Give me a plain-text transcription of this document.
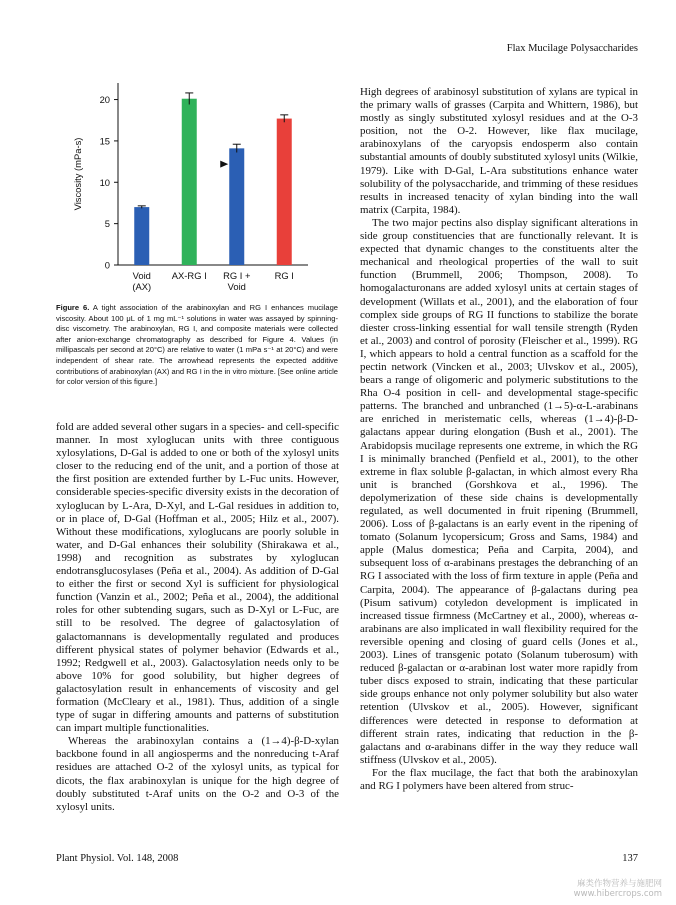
Flax Mucilage Polysaccharides
0
5
10
15
20
Viscosity (mPa-s)
Void
(AX)
AX-RG I RG I +
Void
RG I
Figure 6. A tight association of the arabinoxylan and RG I enhances mucilage viscosity. About 100 μL of 1 mg mL⁻¹ solutions in water was assayed by spinning-disc viscometry. The arabinoxylan, RG I, and composite materials were collected after anion-exchange chromatography as described for Figure 4. Values (in millipascals per second at 20°C) are relative to water (1 mPa s⁻¹ at 20°C) and were independent of shear rate. The arrowhead represents the expected additive contributions of arabinoxylan (AX) and RG I in the in vitro mixture. [See online article for color version of this figure.]

fold are added several other sugars in a species- and cell-specific manner. In most xyloglucan units with three contiguous xylosylations, D-Gal is added to one or both of the xylosyl units closer to the reducing end of the unit, and a portion of those at the first position are extended further by L-Fuc units. However, considerable species-specific diversity exists in the decoration of xyloglucan by L-Ara, D-Xyl, and L-Gal residues in addition to, or in place of, D-Gal (Hoffman et al., 2005; Hilz et al., 2007). Without these modifications, xyloglucans are poorly soluble in water, and D-Gal enhances their solubility (Shirakawa et al., 1998) and recognition as substrates by xyloglucan endotransglucosylases (Peña et al., 2004). As addition of D-Gal to either the first or second Xyl is sufficient for physiological function (Vanzin et al., 2002; Peña et al., 2004), the additional roles for other subtending sugars, such as D-Xyl or L-Fuc, are still to be resolved. The degree of galactosylation of galactomannans is developmentally regulated and produces different physical states of polymer behavior (Edwards et al., 1992; Redgwell et al., 2003). Galactosylation needs only to be above 10% for good solubility, but higher degrees of galactosylation result in enhancements of viscosity and gel formation (McCleary et al., 1981). Thus, addition of a single type of sugar in differing amounts and patterns of substitution can impart multiple functionalities.

Whereas the arabinoxylan contains a (1→4)-β-D-xylan backbone found in all angiosperms and the nonreducing t-Araf residues are attached O-2 of the xylosyl units, as typical for dicots, the flax arabinoxylan is unique for the high degree of doubly substituted t-Araf units on the O-2 and O-3 of the xylosyl units.

High degrees of arabinosyl substitution of xylans are typical in the primary walls of grasses (Carpita and Whittern, 1986), but mostly as singly substituted xylosyl residues and at the O-3 position, not the O-2. However, like flax mucilage, arabinoxylans of the caryopsis endosperm also contain substantial amounts of doubly substituted xylosyl units (Wilkie, 1979). Like with D-Gal, L-Ara substitutions enhance water solubility of the polysaccharide, and trimming of these residues results in increased tenacity of xylan binding into the wall matrix (Carpita, 1984).

The two major pectins also display significant alterations in side group constituencies that are functionally relevant. It is expected that dynamic changes to the constituents alter the mechanical and rheological properties of the wall to suit function (Brummell, 2006; Thompson, 2008). To homogalacturonans are added xylosyl units at certain stages of development (Willats et al., 2001), and the elaboration of four complex side groups of RG II functions to stabilize the borate diester cross-linking essential for wall tensile strength (Ryden et al., 2003) and control of porosity (Fleischer et al., 1999). RG I, which appears to hold a central function as a scaffold for the pectin network (Vincken et al., 2003; Ulvskov et al., 2005), bears a range of oligomeric and polymeric substitutions to the Rha O-4 position in cell- and developmental stage-specific patterns. The branched and unbranched (1→5)-α-L-arabinans are enriched in meristematic cells, whereas (1→4)-β-D-galactans appear during elongation (Bush et al., 2001). The Arabidopsis mucilage represents one extreme, in which the RG I is minimally branched (Penfield et al., 2001), to the other extreme in flax soluble β-galactan, in which almost every Rha unit is branched (Gorshkova et al., 1996). The depolymerization of these side chains is developmentally regulated, as well documented in fruit ripening (Brummell, 2006). Loss of β-galactans is an early event in the ripening of tomato (Solanum lycopersicum; Gross and Sams, 1984) and apple (Malus domestica; Peña and Carpita, 2004), and subsequent loss of α-arabinans prestages the debranching of an RG I associated with the loss of firm texture in apple (Peña and Carpita, 2004). The appearance of β-galactans during pea (Pisum sativum) cotyledon development is implicated in increased tissue firmness (McCartney et al., 2000), whereas α-arabinans are also implicated in wall flexibility required for the reversible opening and closing of guard cells (Jones et al., 2003). Lines of transgenic potato (Solanum tuberosum) with reduced β-galactan or α-arabinan lost water more rapidly from tuber discs exposed to strain, indicating that these particular side groups enhance not only polymer solubility but also water retention (Ulvskov et al., 2005). However, significant differences were detected in response to deformation at different strain rates, indicating that reduction in the β-galactans and α-arabinans differ in the way they reduce wall stiffness (Ulvskov et al., 2005).

For the flax mucilage, the fact that both the arabinoxylan and RG I polymers have been altered from struc-

Plant Physiol. Vol. 148, 2008	137
麻类作物营养与施肥网
www.hibercrops.com
